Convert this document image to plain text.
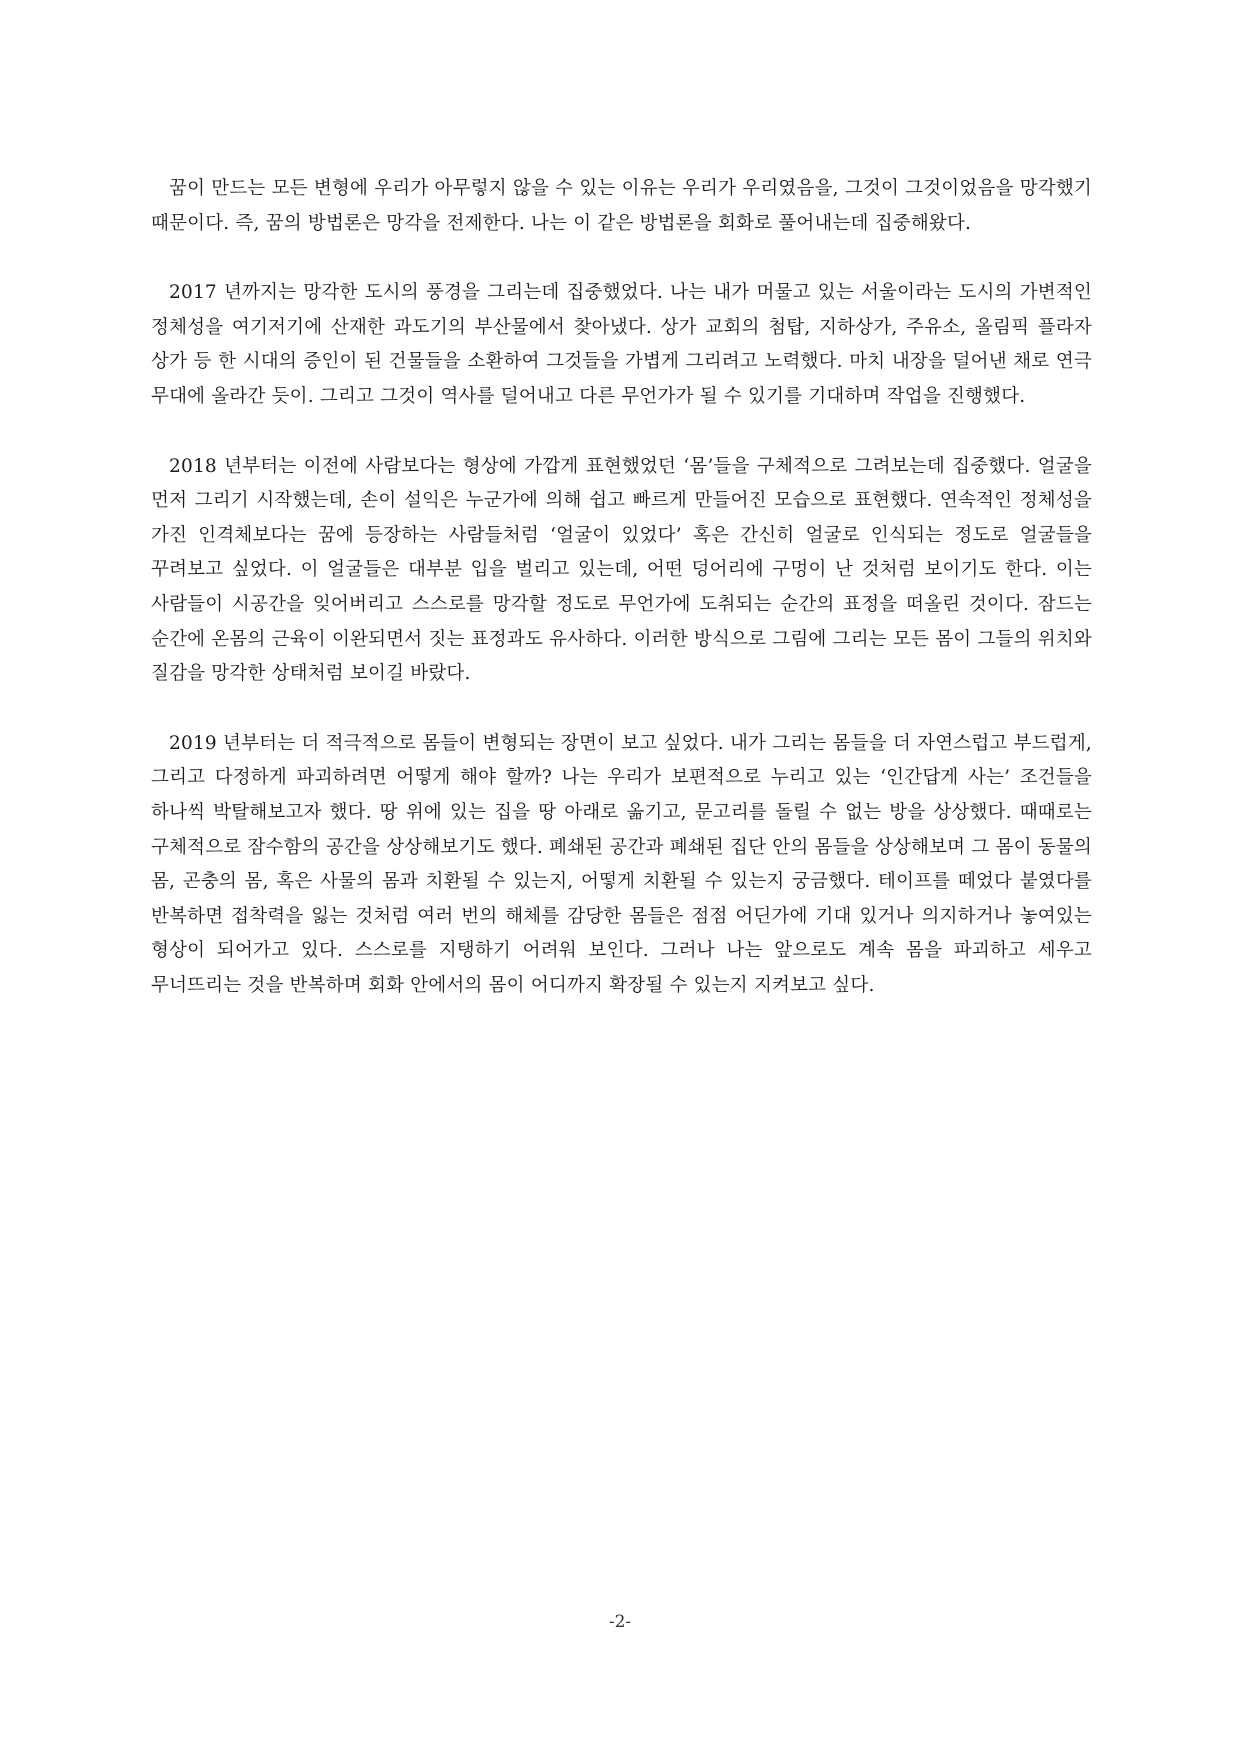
꿈이 만드는 모든 변형에 우리가 아무렇지 않을 수 있는 이유는 우리가 우리였음을, 그것이 그것이었음을 망각했기 때문이다. 즉, 꿈의 방법론은 망각을 전제한다. 나는 이 같은 방법론을 회화로 풀어내는데 집중해왔다.

2017 년까지는 망각한 도시의 풍경을 그리는데 집중했었다. 나는 내가 머물고 있는 서울이라는 도시의 가변적인 정체성을 여기저기에 산재한 과도기의 부산물에서 찾아냈다. 상가 교회의 첨탑, 지하상가, 주유소, 올림픽 플라자 상가 등 한 시대의 증인이 된 건물들을 소환하여 그것들을 가볍게 그리려고 노력했다. 마치 내장을 덜어낸 채로 연극 무대에 올라간 듯이. 그리고 그것이 역사를 덜어내고 다른 무언가가 될 수 있기를 기대하며 작업을 진행했다.

2018 년부터는 이전에 사람보다는 형상에 가깝게 표현했었던 ‘몸’들을 구체적으로 그려보는데 집중했다. 얼굴을 먼저 그리기 시작했는데, 손이 설익은 누군가에 의해 쉽고 빠르게 만들어진 모습으로 표현했다. 연속적인 정체성을 가진 인격체보다는 꿈에 등장하는 사람들처럼 ‘얼굴이 있었다’ 혹은 간신히 얼굴로 인식되는 정도로 얼굴들을 꾸려보고 싶었다. 이 얼굴들은 대부분 입을 벌리고 있는데, 어떤 덩어리에 구멍이 난 것처럼 보이기도 한다. 이는 사람들이 시공간을 잊어버리고 스스로를 망각할 정도로 무언가에 도취되는 순간의 표정을 떠올린 것이다. 잠드는 순간에 온몸의 근육이 이완되면서 짓는 표정과도 유사하다. 이러한 방식으로 그림에 그리는 모든 몸이 그들의 위치와 질감을 망각한 상태처럼 보이길 바랐다.

2019 년부터는 더 적극적으로 몸들이 변형되는 장면이 보고 싶었다. 내가 그리는 몸들을 더 자연스럽고 부드럽게, 그리고 다정하게 파괴하려면 어떻게 해야 할까? 나는 우리가 보편적으로 누리고 있는 ‘인간답게 사는’ 조건들을 하나씩 박탈해보고자 했다. 땅 위에 있는 집을 땅 아래로 옮기고, 문고리를 돌릴 수 없는 방을 상상했다. 때때로는 구체적으로 잠수함의 공간을 상상해보기도 했다. 폐쇄된 공간과 폐쇄된 집단 안의 몸들을 상상해보며 그 몸이 동물의 몸, 곤충의 몸, 혹은 사물의 몸과 치환될 수 있는지, 어떻게 치환될 수 있는지 궁금했다. 테이프를 떼었다 붙였다를 반복하면 접착력을 잃는 것처럼 여러 번의 해체를 감당한 몸들은 점점 어딘가에 기대 있거나 의지하거나 놓여있는 형상이 되어가고 있다. 스스로를 지탱하기 어려워 보인다. 그러나 나는 앞으로도 계속 몸을 파괴하고 세우고 무너뜨리는 것을 반복하며 회화 안에서의 몸이 어디까지 확장될 수 있는지 지켜보고 싶다.

-2-
